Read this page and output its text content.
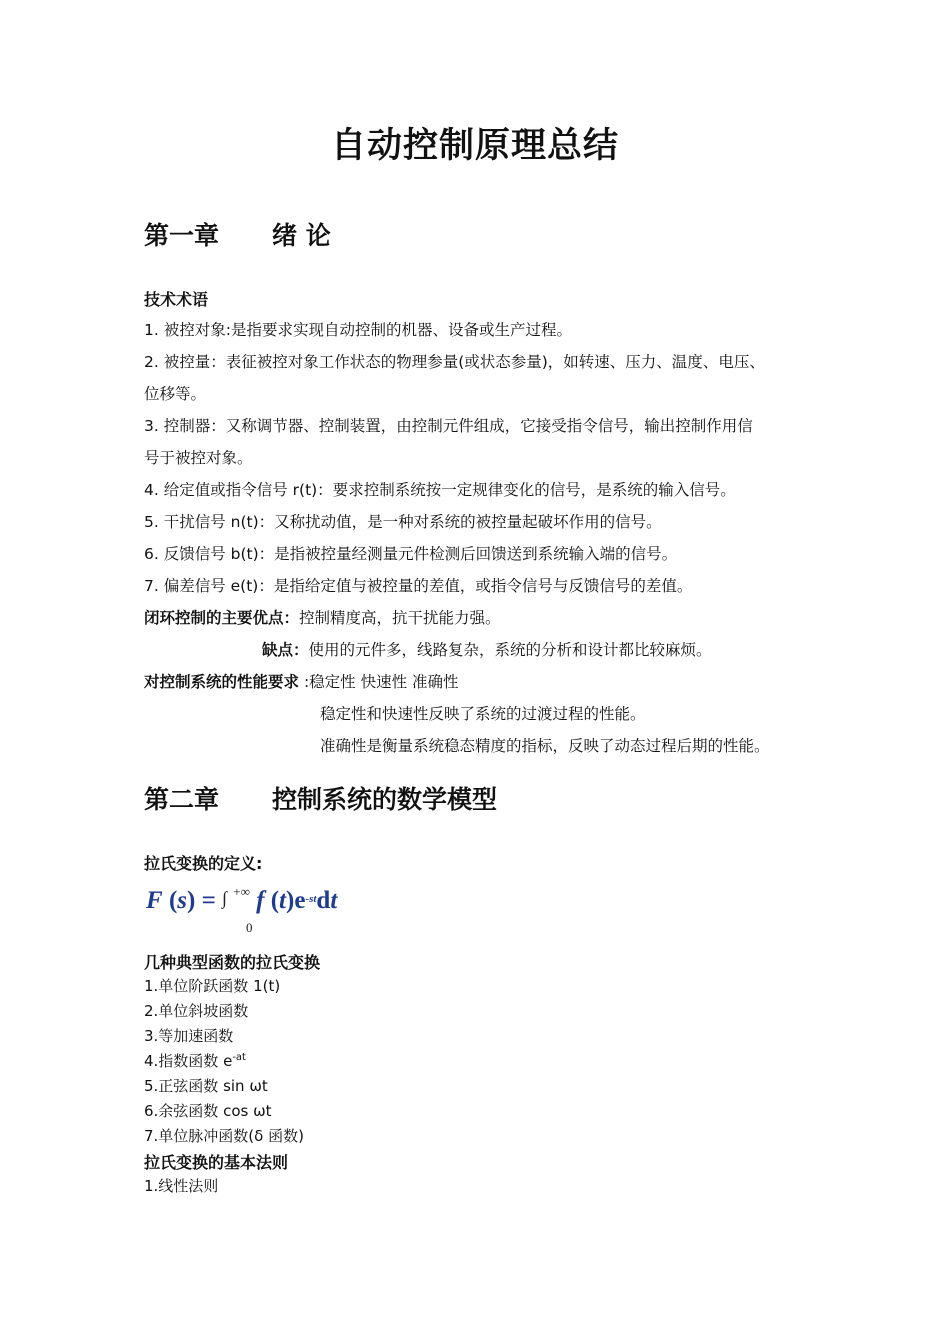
自动控制原理总结
第一章 绪 论
技术术语
1. 被控对象:是指要求实现自动控制的机器、设备或生产过程。
2. 被控量：表征被控对象工作状态的物理参量(或状态参量)，如转速、压力、温度、电压、
位移等。
3. 控制器：又称调节器、控制装置，由控制元件组成，它接受指令信号，输出控制作用信
号于被控对象。
4. 给定值或指令信号 r(t)：要求控制系统按一定规律变化的信号，是系统的输入信号。
5. 干扰信号 n(t)：又称扰动值，是一种对系统的被控量起破坏作用的信号。
6. 反馈信号 b(t)：是指被控量经测量元件检测后回馈送到系统输入端的信号。
7. 偏差信号 e(t)：是指给定值与被控量的差值，或指令信号与反馈信号的差值。
闭环控制的主要优点：控制精度高，抗干扰能力强。
缺点：使用的元件多，线路复杂，系统的分析和设计都比较麻烦。
对控制系统的性能要求 :稳定性 快速性 准确性
稳定性和快速性反映了系统的过渡过程的性能。
准确性是衡量系统稳态精度的指标，反映了动态过程后期的性能。
第二章 控制系统的数学模型
拉氏变换的定义:
F (s) = ∫ +∞ f $(t)e^{-st}dt$
0
几种典型函数的拉氏变换
1.单位阶跃函数 1(t)
2.单位斜坡函数
3.等加速函数
4.指数函数 $e^{-at}$
5.正弦函数 sin ωt
6.余弦函数 cos ωt
7.单位脉冲函数(δ 函数)
拉氏变换的基本法则
1.线性法则
